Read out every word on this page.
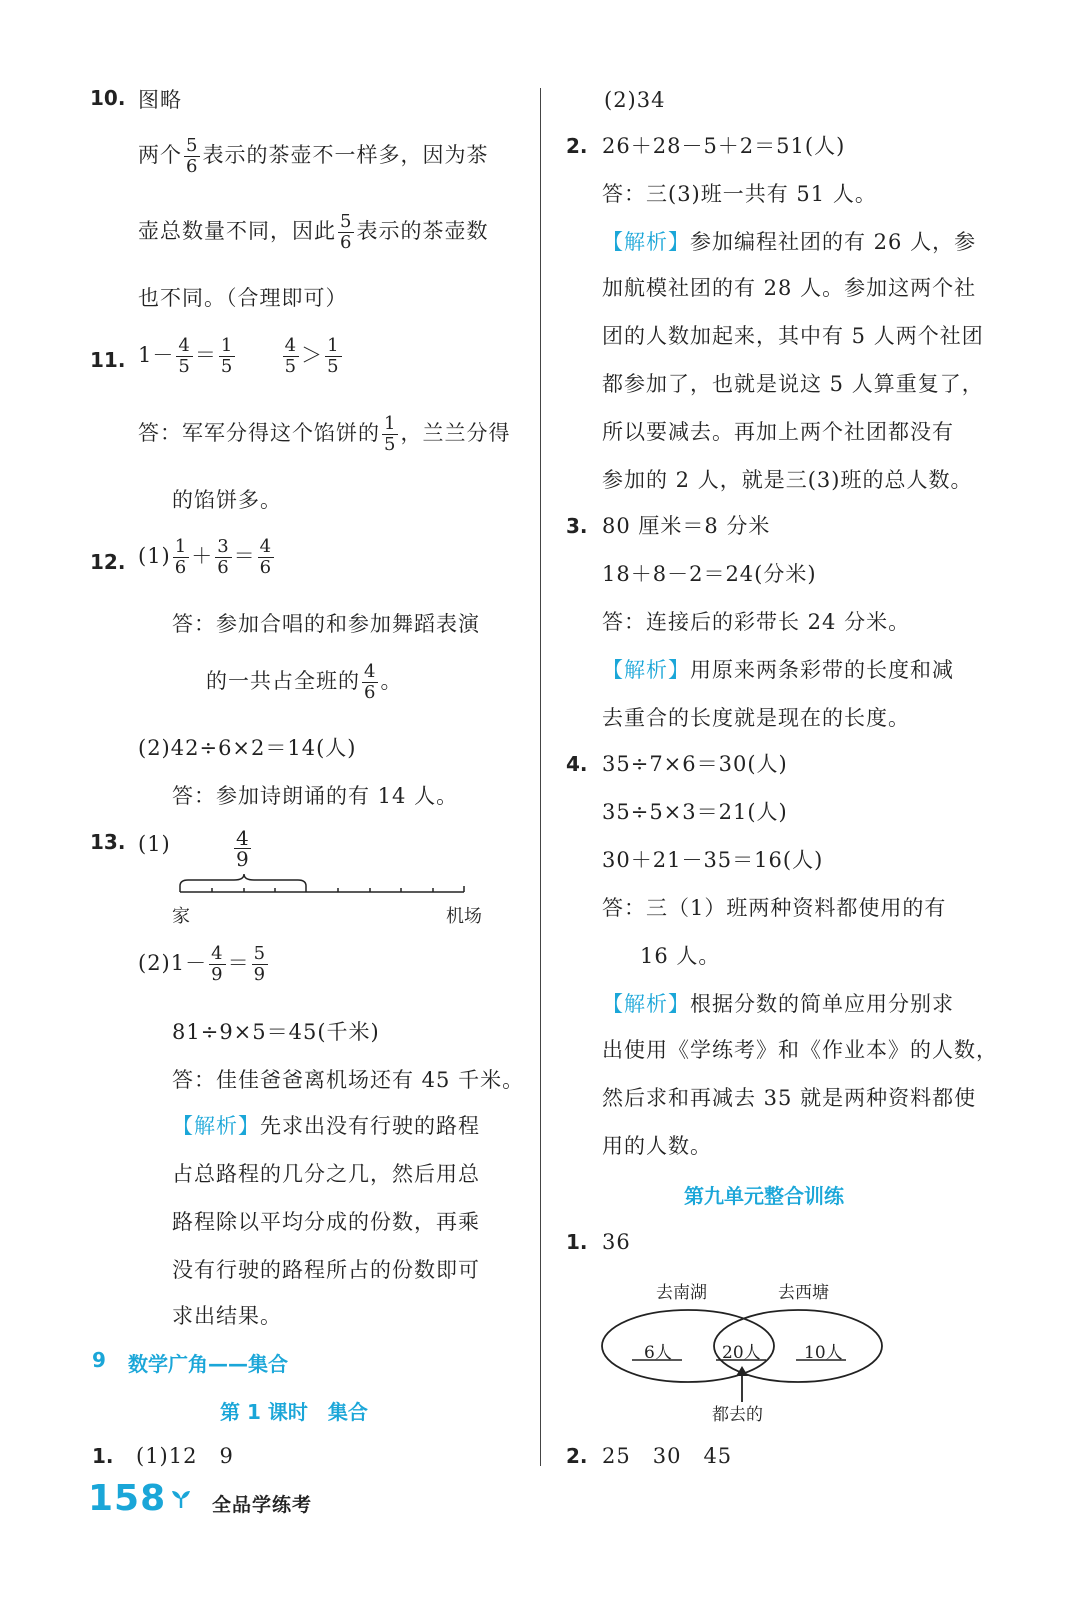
10. 图略
两个 $\frac{5}{6}$ 表示的茶壶不一样多，因为茶
壶总数量不同，因此 $\frac{5}{6}$ 表示的茶壶数
也不同。（合理即可）
11. $1- \frac{4}{5} = \frac{1}{5}$
	$\frac{4}{5} > \frac{1}{5}$
答：军军分得这个馅饼的 $\frac{1}{5}$ ，兰兰分得
的馅饼多。
12. $(1) \frac{1}{6} + \frac{3}{6} = \frac{4}{6}$
答：参加合唱的和参加舞蹈表演
的一共占全班的 $\frac{4}{6}$ 。
(2)42÷6×2＝14(人)
答：参加诗朗诵的有 14 人。
13. (1)	$\frac{4}{9}$
家	机场
$(2)1- \frac{4}{9} = \frac{5}{9}$
81÷9×5＝45(千米)
答：佳佳爸爸离机场还有 45 千米。
【解析】先求出没有行驶的路程
占总路程的几分之几，然后用总
路程除以平均分成的份数，再乘
没有行驶的路程所占的份数即可
求出结果。
9 数学广角——集合
第 1 课时　集合
1. (1)12　9
(2)34
2. 26＋28－5＋2＝51(人)
答：三(3)班一共有 51 人。
【解析】参加编程社团的有 26 人，参
加航模社团的有 28 人。参加这两个社
团的人数加起来，其中有 5 人两个社团
都参加了，也就是说这 5 人算重复了，
所以要减去。再加上两个社团都没有
参加的 2 人，就是三(3)班的总人数。
3. 80 厘米＝8 分米
18＋8－2＝24(分米)
答：连接后的彩带长 24 分米。
【解析】用原来两条彩带的长度和减
去重合的长度就是现在的长度。
4. 35÷7×6＝30(人)
35÷5×3＝21(人)
30＋21－35＝16(人)
答：三（1）班两种资料都使用的有
16 人。
【解析】根据分数的简单应用分别求
出使用《学练考》和《作业本》的人数，
然后求和再减去 35 就是两种资料都使
用的人数。
第九单元整合训练
1. 36
去南湖	去西塘
6人	20人	10人
都去的
2. 25　30　45
158 全品学练考
